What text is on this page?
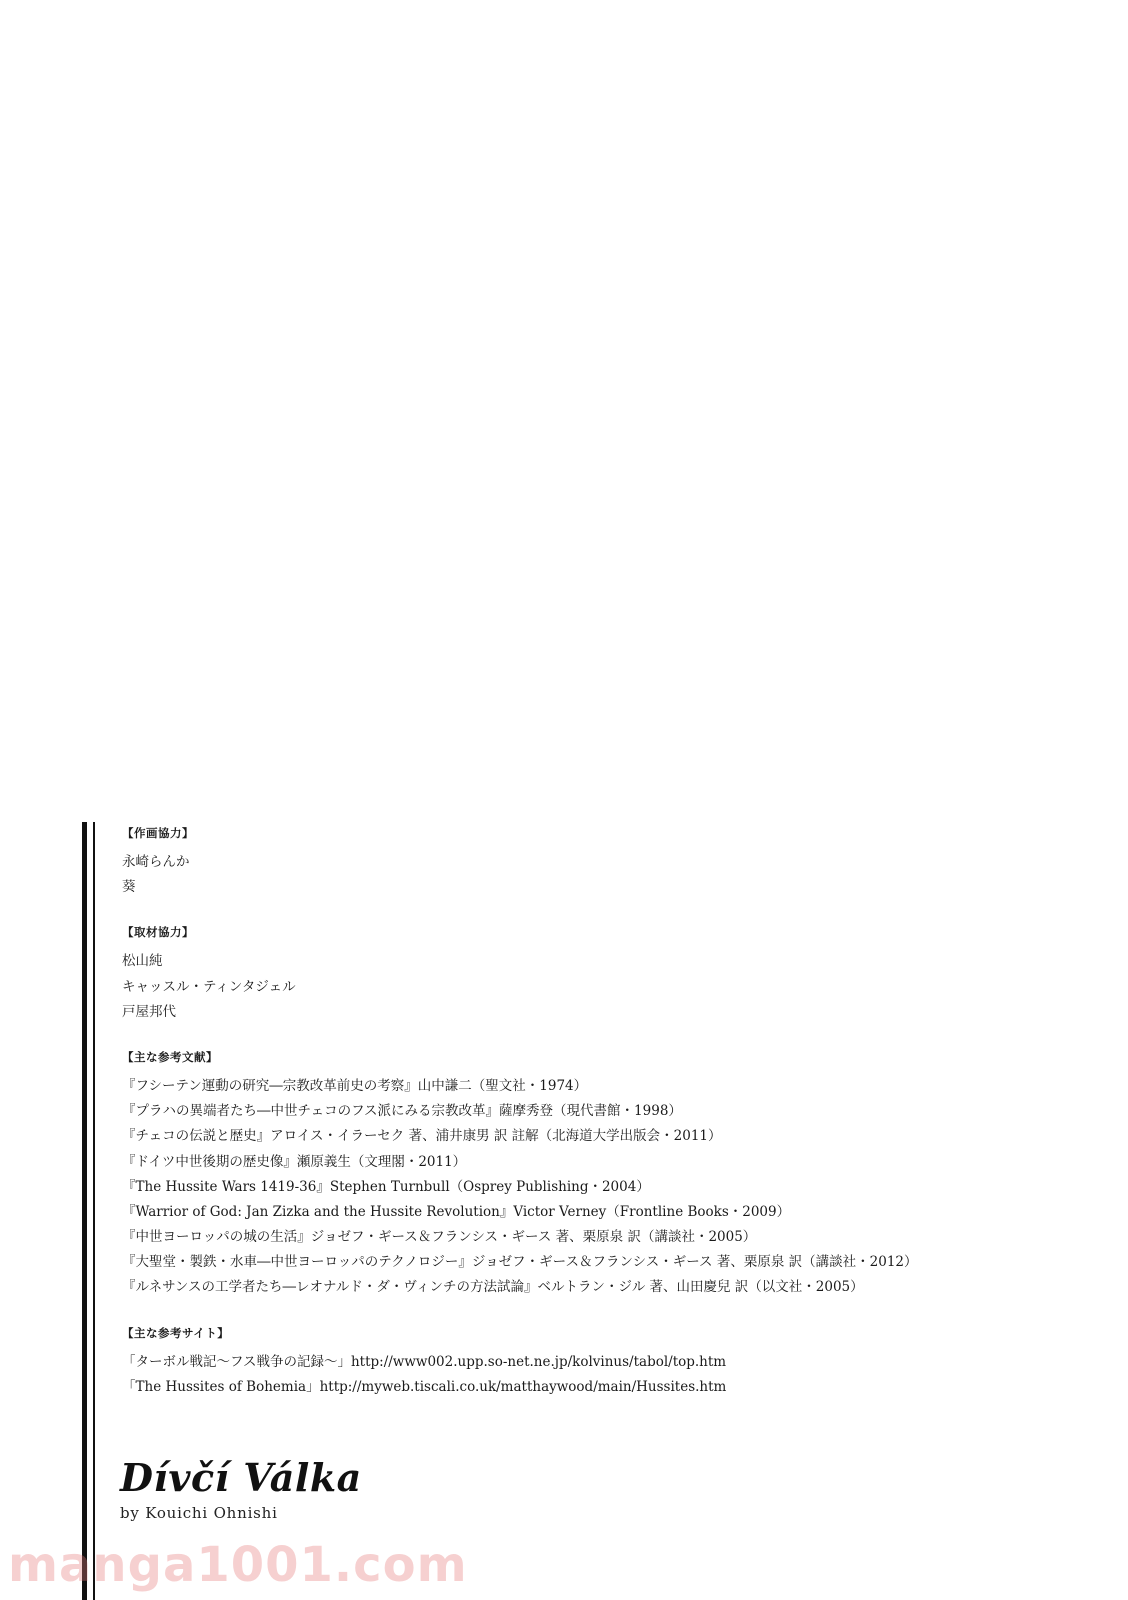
【作画協力】
永崎らんか
葵
【取材協力】
松山純
キャッスル・ティンタジェル
戸屋邦代
【主な参考文献】
『フシーテン運動の研究―宗教改革前史の考察』山中謙二（聖文社・1974）
『プラハの異端者たち―中世チェコのフス派にみる宗教改革』薩摩秀登（現代書館・1998）
『チェコの伝説と歴史』アロイス・イラーセク 著、浦井康男 訳 註解（北海道大学出版会・2011）
『ドイツ中世後期の歴史像』瀬原義生（文理閣・2011）
『The Hussite Wars 1419-36』Stephen Turnbull（Osprey Publishing・2004）
『Warrior of God: Jan Zizka and the Hussite Revolution』Victor Verney（Frontline Books・2009）
『中世ヨーロッパの城の生活』ジョゼフ・ギース＆フランシス・ギース 著、栗原泉 訳（講談社・2005）
『大聖堂・製鉄・水車―中世ヨーロッパのテクノロジー』ジョゼフ・ギース＆フランシス・ギース 著、栗原泉 訳（講談社・2012）
『ルネサンスの工学者たち―レオナルド・ダ・ヴィンチの方法試論』ベルトラン・ジル 著、山田慶兒 訳（以文社・2005）
【主な参考サイト】
「ターボル戦記～フス戦争の記録～」http://www002.upp.so-net.ne.jp/kolvinus/tabol/top.htm
「The Hussites of Bohemia」http://myweb.tiscali.co.uk/matthaywood/main/Hussites.htm
Dívčí Válka
by Kouichi Ohnishi
manga1001.com
